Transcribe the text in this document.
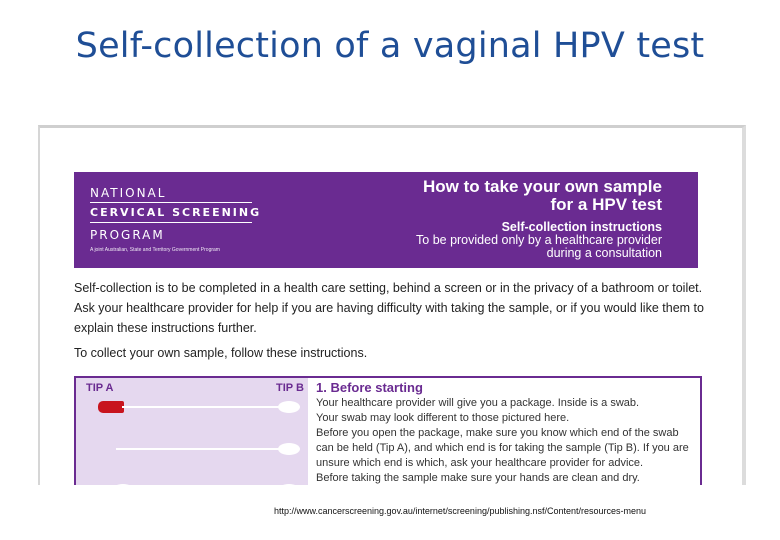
Self-collection of a vaginal HPV test
NATIONAL
CERVICAL SCREENING
PROGRAM
A joint Australian, State and Territory Government Program
How to take your own sample
for a HPV test
Self-collection instructions
To be provided only by a healthcare provider
during a consultation
Self-collection is to be completed in a health care setting, behind a screen or in the privacy of a bathroom or toilet. Ask your healthcare provider for help if you are having difficulty with taking the sample, or if you would like them to explain these instructions further.
To collect your own sample, follow these instructions.
TIP A	TIP B 1. Before starting
Your healthcare provider will give you a package. Inside is a swab.
Your swab may look different to those pictured here.
Before you open the package, make sure you know which end of the swab
can be held (Tip A), and which end is for taking the sample (Tip B). If you are
unsure which end is which, ask your healthcare provider for advice.
Before taking the sample make sure your hands are clean and dry.
http://www.cancerscreening.gov.au/internet/screening/publishing.nsf/Content/resources-menu
